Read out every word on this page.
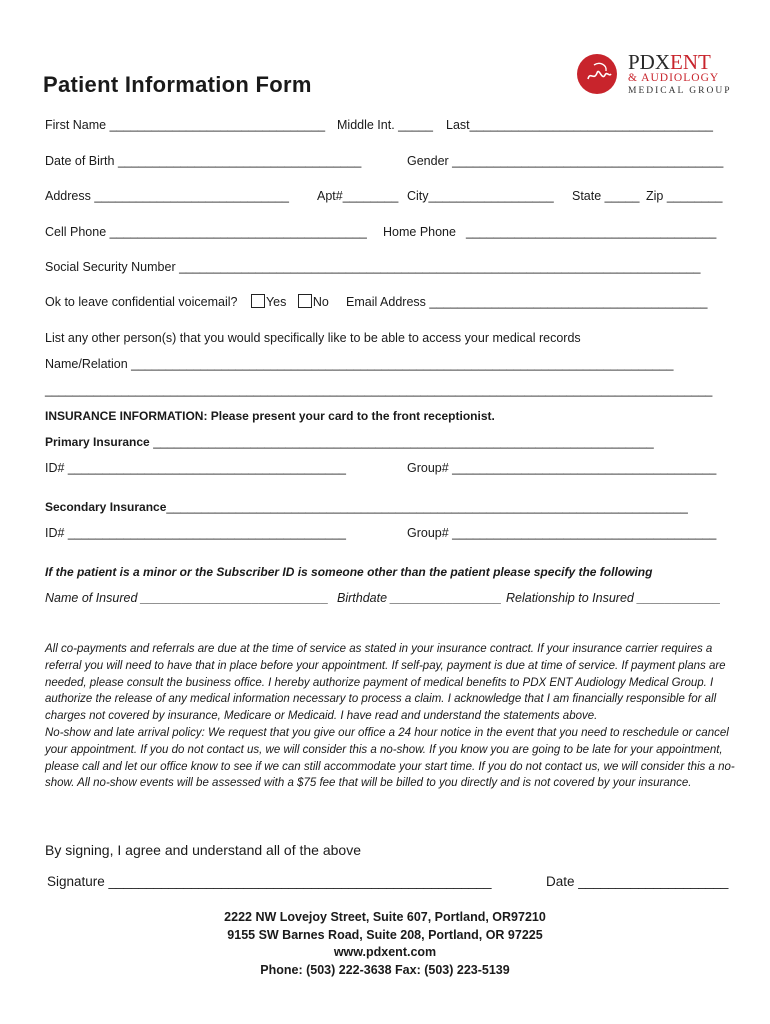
PDXENT
& AUDIOLOGY
MEDICAL GROUP
Patient Information Form
First Name _______________________________ Middle Int. _____ Last___________________________________
Date of Birth ___________________________________	Gender _______________________________________
Address ____________________________ Apt#________ City__________________ State _____ Zip ________
Cell Phone _____________________________________ Home Phone ____________________________________
Social Security Number ___________________________________________________________________________
Ok to leave confidential voicemail? Yes No Email Address ________________________________________
List any other person(s) that you would specifically like to be able to access your medical records
Name/Relation ______________________________________________________________________________
________________________________________________________________________________________________
INSURANCE INFORMATION: Please present your card to the front receptionist.
Primary Insurance ________________________________________________________________________
ID# ________________________________________	Group# ______________________________________
Secondary Insurance___________________________________________________________________________
ID# ________________________________________	Group# ______________________________________
If the patient is a minor or the Subscriber ID is someone other than the patient please specify the following
Name of Insured ___________________________ Birthdate ________________ Relationship to Insured ____________

All co-payments and referrals are due at the time of service as stated in your insurance contract. If your insurance carrier requires a referral you will need to have that in place before your appointment. If self-pay, payment is due at time of service. If payment plans are needed, please consult the business office. I hereby authorize payment of medical benefits to PDX ENT Audiology Medical Group. I authorize the release of any medical information necessary to process a claim. I acknowledge that I am financially responsible for all charges not covered by insurance, Medicare or Medicaid. I have read and understand the statements above.

No-show and late arrival policy: We request that you give our office a 24 hour notice in the event that you need to reschedule or cancel your appointment. If you do not contact us, we will consider this a no-show. If you know you are going to be late for your appointment, please call and let our office know to see if we can still accommodate your start time. If you do not contact us, we will consider this a no-show. All no-show events will be assessed with a $75 fee that will be billed to you directly and is not covered by your insurance.

By signing, I agree and understand all of the above
Signature ___________________________________________________	Date ____________________
2222 NW Lovejoy Street, Suite 607, Portland, OR97210
9155 SW Barnes Road, Suite 208, Portland, OR 97225
www.pdxent.com
Phone: (503) 222-3638 Fax: (503) 223-5139
